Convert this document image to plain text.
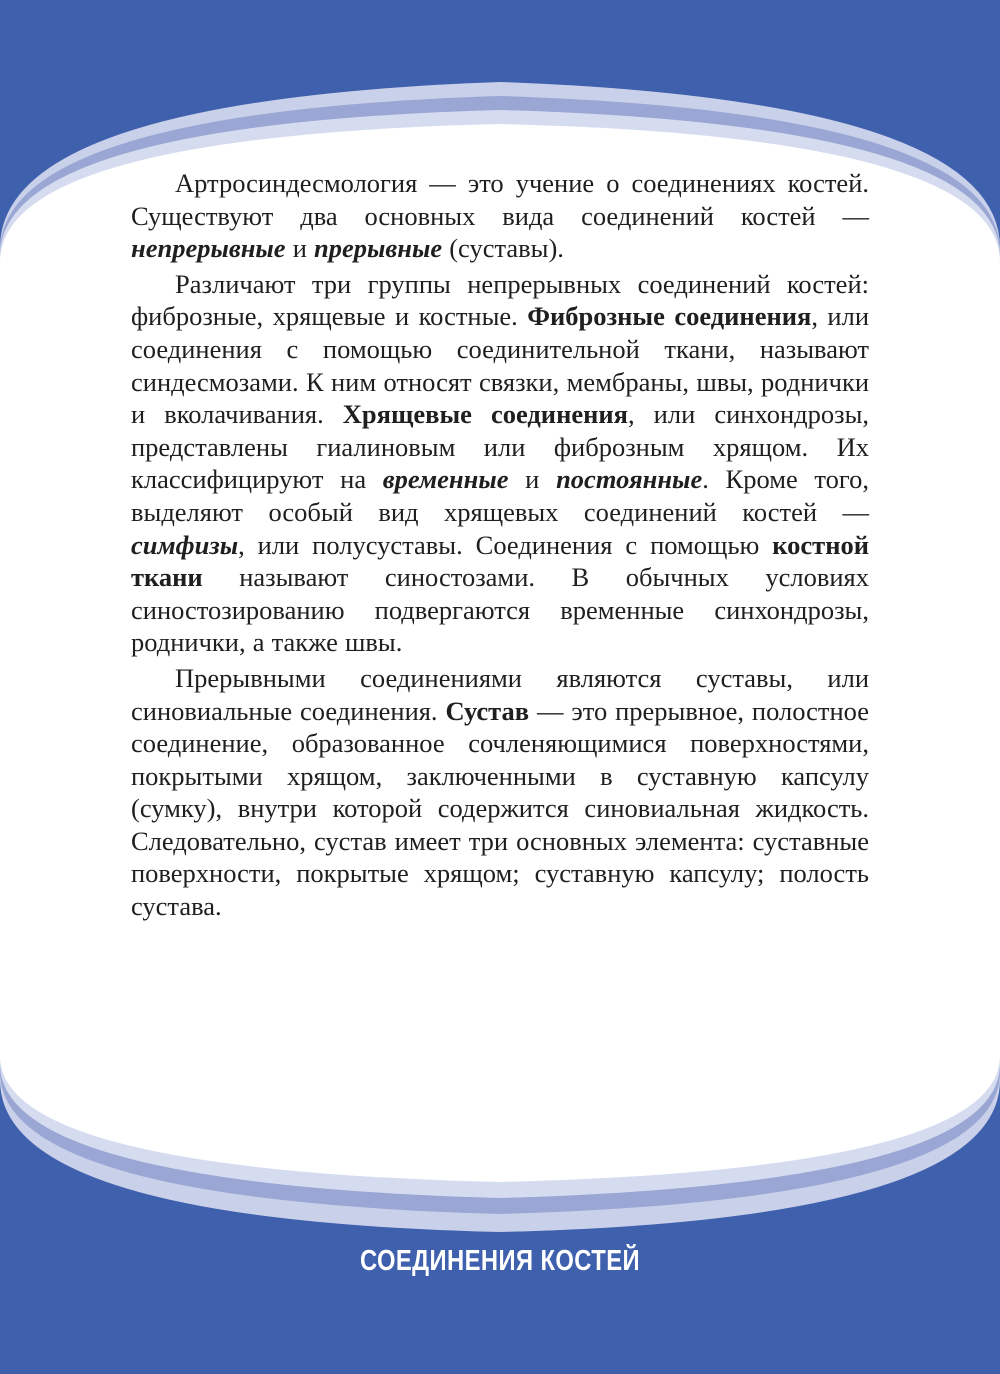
Артросиндесмология — это учение о соединениях костей. Существуют два основных вида соединений костей — непрерывные и прерывные (суставы).

Различают три группы непрерывных соединений костей: фиброзные, хрящевые и костные. Фиброзные соединения, или соединения с помощью соединительной ткани, называют синдесмозами. К ним относят связки, мембраны, швы, роднички и вколачивания. Хрящевые соединения, или синхондрозы, представлены гиалиновым или фиброзным хрящом. Их классифицируют на временные и постоянные. Кроме того, выделяют особый вид хрящевых соединений костей — симфизы, или полусуставы. Соединения с помощью костной ткани называют синостозами. В обычных условиях синостозированию подвергаются временные синхондрозы, роднички, а также швы.

Прерывными соединениями являются суставы, или синовиальные соединения. Сустав — это прерывное, полостное соединение, образованное сочленяющимися поверхностями, покрытыми хрящом, заключенными в суставную капсулу (сумку), внутри которой содержится синовиальная жидкость. Следовательно, сустав имеет три основных элемента: суставные поверхности, покрытые хрящом; суставную капсулу; полость сустава.

СОЕДИНЕНИЯ КОСТЕЙ
